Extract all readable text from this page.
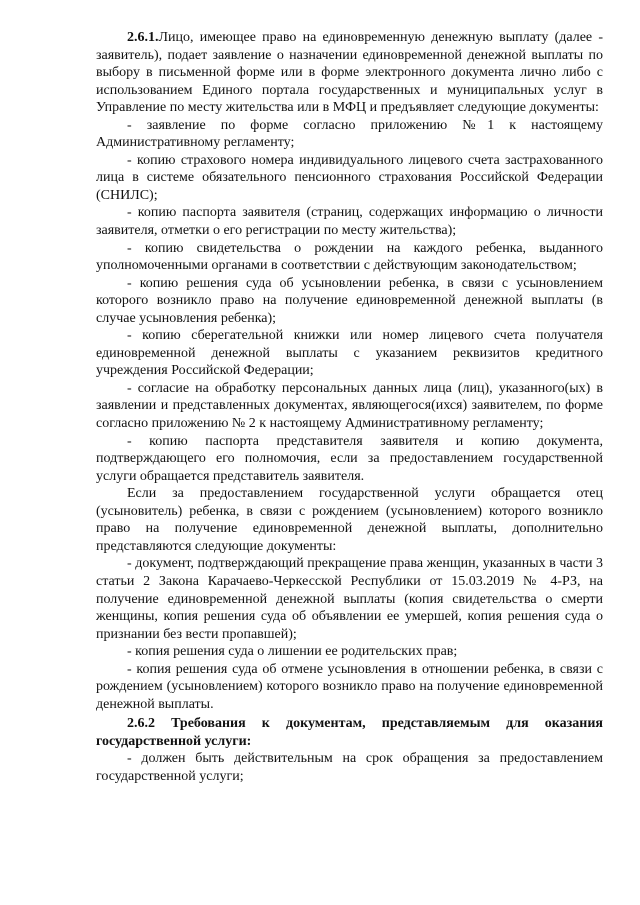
2.6.1.Лицо, имеющее право на единовременную денежную выплату (далее - заявитель), подает заявление о назначении единовременной денежной выплаты по выбору в письменной форме или в форме электронного документа лично либо с использованием Единого портала государственных и муниципальных услуг в Управление по месту жительства или в МФЦ и предъявляет следующие документы:

- заявление по форме согласно приложению №1 к настоящему Административному регламенту;

- копию страхового номера индивидуального лицевого счета застрахованного лица в системе обязательного пенсионного страхования Российской Федерации (СНИЛС);

- копию паспорта заявителя (страниц, содержащих информацию о личности заявителя, отметки о его регистрации по месту жительства);

- копию свидетельства о рождении на каждого ребенка, выданного уполномоченными органами в соответствии с действующим законодательством;

- копию решения суда об усыновлении ребенка, в связи с усыновлением которого возникло право на получение единовременной денежной выплаты (в случае усыновления ребенка);

- копию сберегательной книжки или номер лицевого счета получателя единовременной денежной выплаты с указанием реквизитов кредитного учреждения Российской Федерации;

- согласие на обработку персональных данных лица (лиц), указанного(ых) в заявлении и представленных документах, являющегося(ихся) заявителем, по форме согласно приложению № 2 к настоящему Административному регламенту;

- копию паспорта представителя заявителя и копию документа, подтверждающего его полномочия, если за предоставлением государственной услуги обращается представитель заявителя.

Если за предоставлением государственной услуги обращается отец (усыновитель) ребенка, в связи с рождением (усыновлением) которого возникло право на получение единовременной денежной выплаты, дополнительно представляются следующие документы:

- документ, подтверждающий прекращение права женщин, указанных в части 3 статьи 2 Закона Карачаево-Черкесской Республики от 15.03.2019 № 4-РЗ, на получение единовременной денежной выплаты (копия свидетельства о смерти женщины, копия решения суда об объявлении ее умершей, копия решения суда о признании без вести пропавшей);

- копия решения суда о лишении ее родительских прав;

- копия решения суда об отмене усыновления в отношении ребенка, в связи с рождением (усыновлением) которого возникло право на получение единовременной денежной выплаты.

2.6.2 Требования к документам, представляемым для оказания государственной услуги:

- должен быть действительным на срок обращения за предоставлением государственной услуги;
